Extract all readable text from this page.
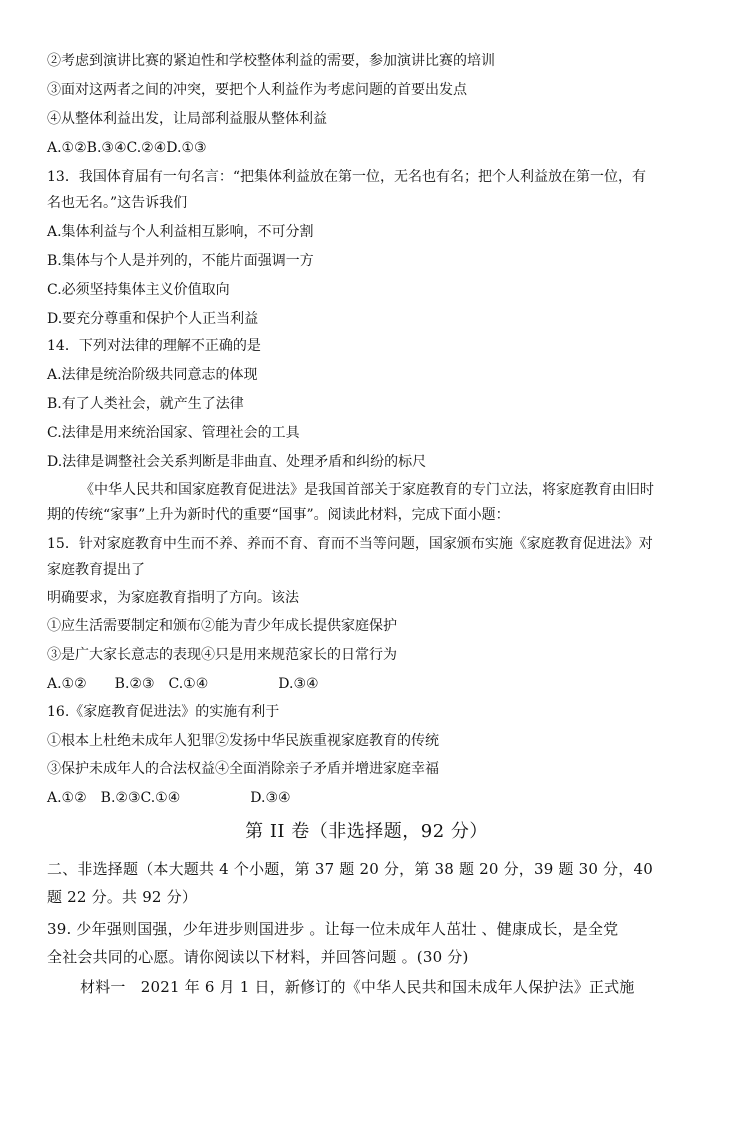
②考虑到演讲比赛的紧迫性和学校整体利益的需要，参加演讲比赛的培训
③面对这两者之间的冲突，要把个人利益作为考虑问题的首要出发点
④从整体利益出发，让局部利益服从整体利益
A.①②B.③④C.②④D.①③
13．我国体育届有一句名言：“把集体利益放在第一位，无名也有名；把个人利益放在第一位，有
名也无名。”这告诉我们
A.集体利益与个人利益相互影响，不可分割
B.集体与个人是并列的，不能片面强调一方
C.必须坚持集体主义价值取向
D.要充分尊重和保护个人正当利益
14．下列对法律的理解不正确的是
A.法律是统治阶级共同意志的体现
B.有了人类社会，就产生了法律
C.法律是用来统治国家、管理社会的工具
D.法律是调整社会关系判断是非曲直、处理矛盾和纠纷的标尺
《中华人民共和国家庭教育促进法》是我国首部关于家庭教育的专门立法，将家庭教育由旧时
期的传统“家事”上升为新时代的重要“国事”。阅读此材料，完成下面小题：
15．针对家庭教育中生而不养、养而不育、育而不当等问题，国家颁布实施《家庭教育促进法》对
家庭教育提出了
明确要求，为家庭教育指明了方向。该法
①应生活需要制定和颁布②能为青少年成长提供家庭保护
③是广大家长意志的表现④只是用来规范家长的日常行为
A.①②　　B.②③　C.①④　　　　　D.③④
16.《家庭教育促进法》的实施有利于
①根本上杜绝未成年人犯罪②发扬中华民族重视家庭教育的传统
③保护未成年人的合法权益④全面消除亲子矛盾并增进家庭幸福
A.①②　B.②③C.①④　　　　　D.③④
第 II 卷（非选择题，92 分）
二、非选择题（本大题共 4 个小题，第 37 题 20 分，第 38 题 20 分，39 题 30 分，40
题 22 分。共 92 分）
39. 少年强则国强，少年进步则国进步 。让每一位未成年人茁壮 、健康成长，是全党
全社会共同的心愿。请你阅读以下材料，并回答问题 。(30 分)
材料一　2021 年 6 月 1 日，新修订的《中华人民共和国未成年人保护法》正式施
